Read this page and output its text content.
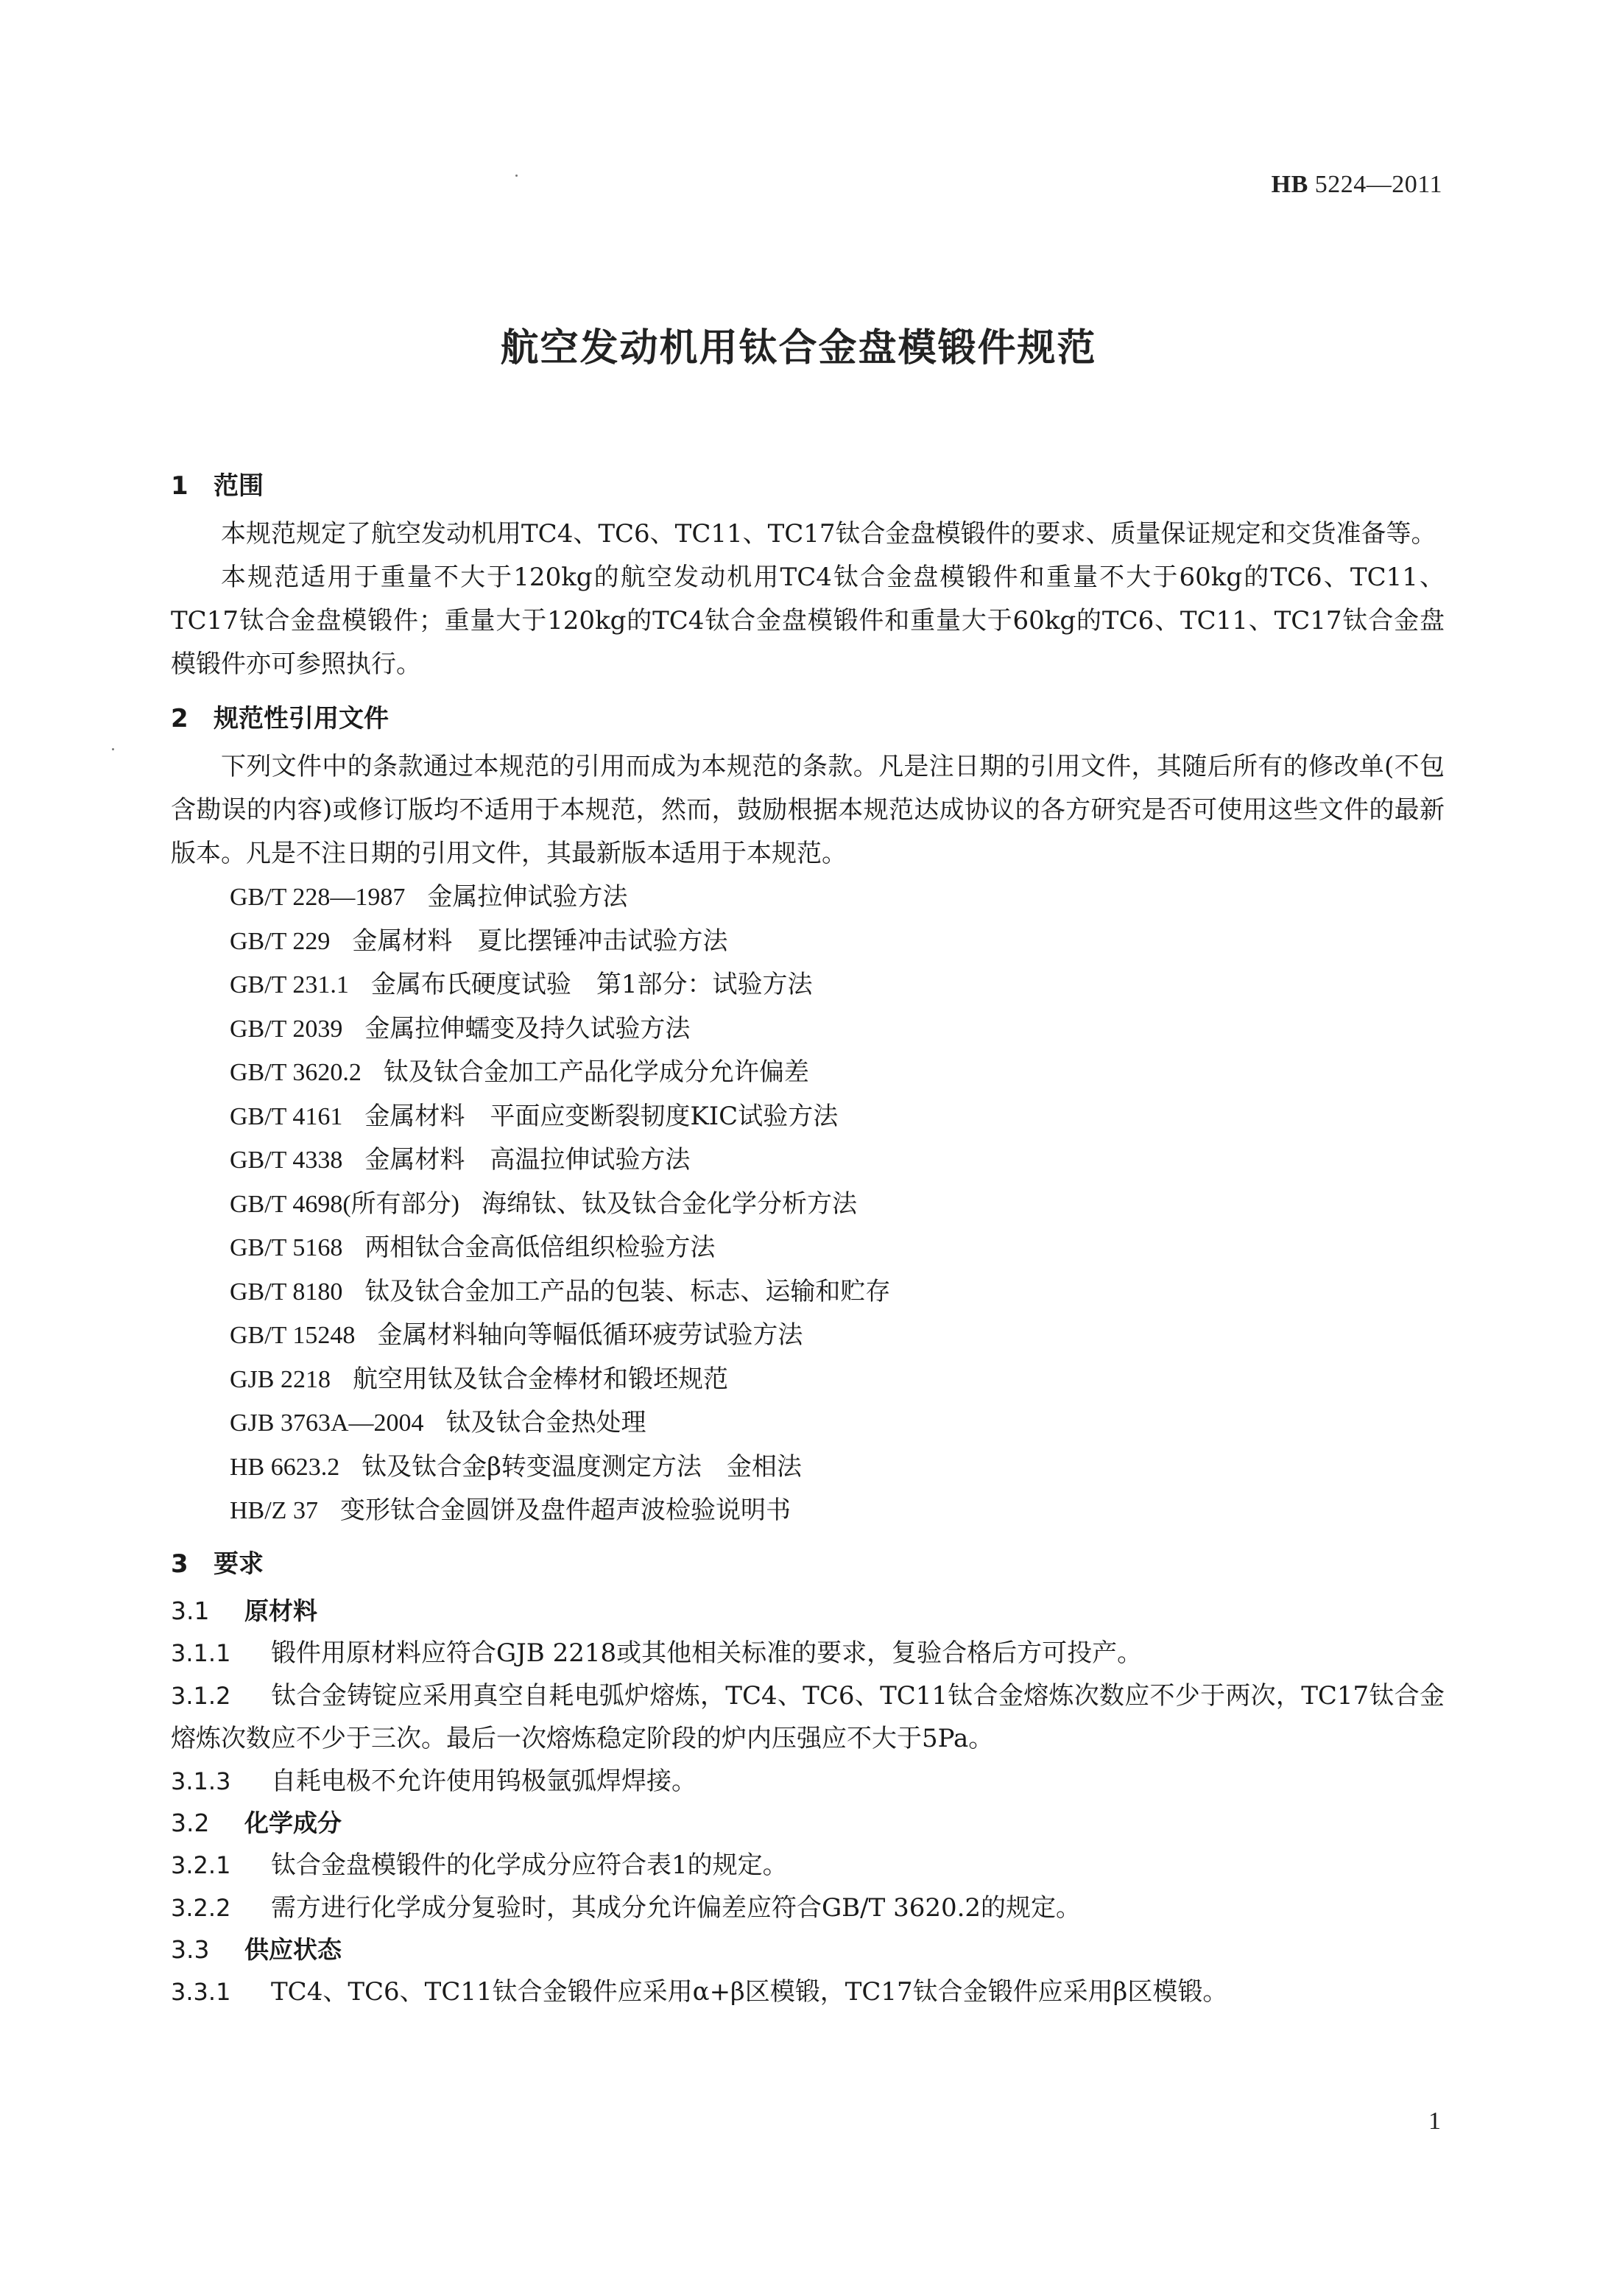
HB 5224—2011
航空发动机用钛合金盘模锻件规范
1 范围

本规范规定了航空发动机用TC4、TC6、TC11、TC17钛合金盘模锻件的要求、质量保证规定和交货准备等。

本规范适用于重量不大于120kg的航空发动机用TC4钛合金盘模锻件和重量不大于60kg的TC6、TC11、TC17钛合金盘模锻件；重量大于120kg的TC4钛合金盘模锻件和重量大于60kg的TC6、TC11、TC17钛合金盘模锻件亦可参照执行。

2 规范性引用文件

下列文件中的条款通过本规范的引用而成为本规范的条款。凡是注日期的引用文件，其随后所有的修改单(不包含勘误的内容)或修订版均不适用于本规范，然而，鼓励根据本规范达成协议的各方研究是否可使用这些文件的最新版本。凡是不注日期的引用文件，其最新版本适用于本规范。

GB/T 228—1987 金属拉伸试验方法
GB/T 229 金属材料　夏比摆锤冲击试验方法
GB/T 231.1 金属布氏硬度试验　第1部分：试验方法
GB/T 2039 金属拉伸蠕变及持久试验方法
GB/T 3620.2 钛及钛合金加工产品化学成分允许偏差
GB/T 4161 金属材料　平面应变断裂韧度KIC试验方法
GB/T 4338 金属材料　高温拉伸试验方法
GB/T 4698(所有部分) 海绵钛、钛及钛合金化学分析方法
GB/T 5168 两相钛合金高低倍组织检验方法
GB/T 8180 钛及钛合金加工产品的包装、标志、运输和贮存
GB/T 15248 金属材料轴向等幅低循环疲劳试验方法
GJB 2218 航空用钛及钛合金棒材和锻坯规范
GJB 3763A—2004 钛及钛合金热处理
HB 6623.2 钛及钛合金β转变温度测定方法　金相法
HB/Z 37 变形钛合金圆饼及盘件超声波检验说明书
3 要求
3.1 原材料

3.1.1 锻件用原材料应符合GJB 2218或其他相关标准的要求，复验合格后方可投产。

3.1.2 钛合金铸锭应采用真空自耗电弧炉熔炼，TC4、TC6、TC11钛合金熔炼次数应不少于两次，TC17钛合金熔炼次数应不少于三次。最后一次熔炼稳定阶段的炉内压强应不大于5Pa。

3.1.3 自耗电极不允许使用钨极氩弧焊焊接。

3.2 化学成分

3.2.1 钛合金盘模锻件的化学成分应符合表1的规定。

3.2.2 需方进行化学成分复验时，其成分允许偏差应符合GB/T 3620.2的规定。

3.3 供应状态

3.3.1 TC4、TC6、TC11钛合金锻件应采用α+β区模锻，TC17钛合金锻件应采用β区模锻。

1
